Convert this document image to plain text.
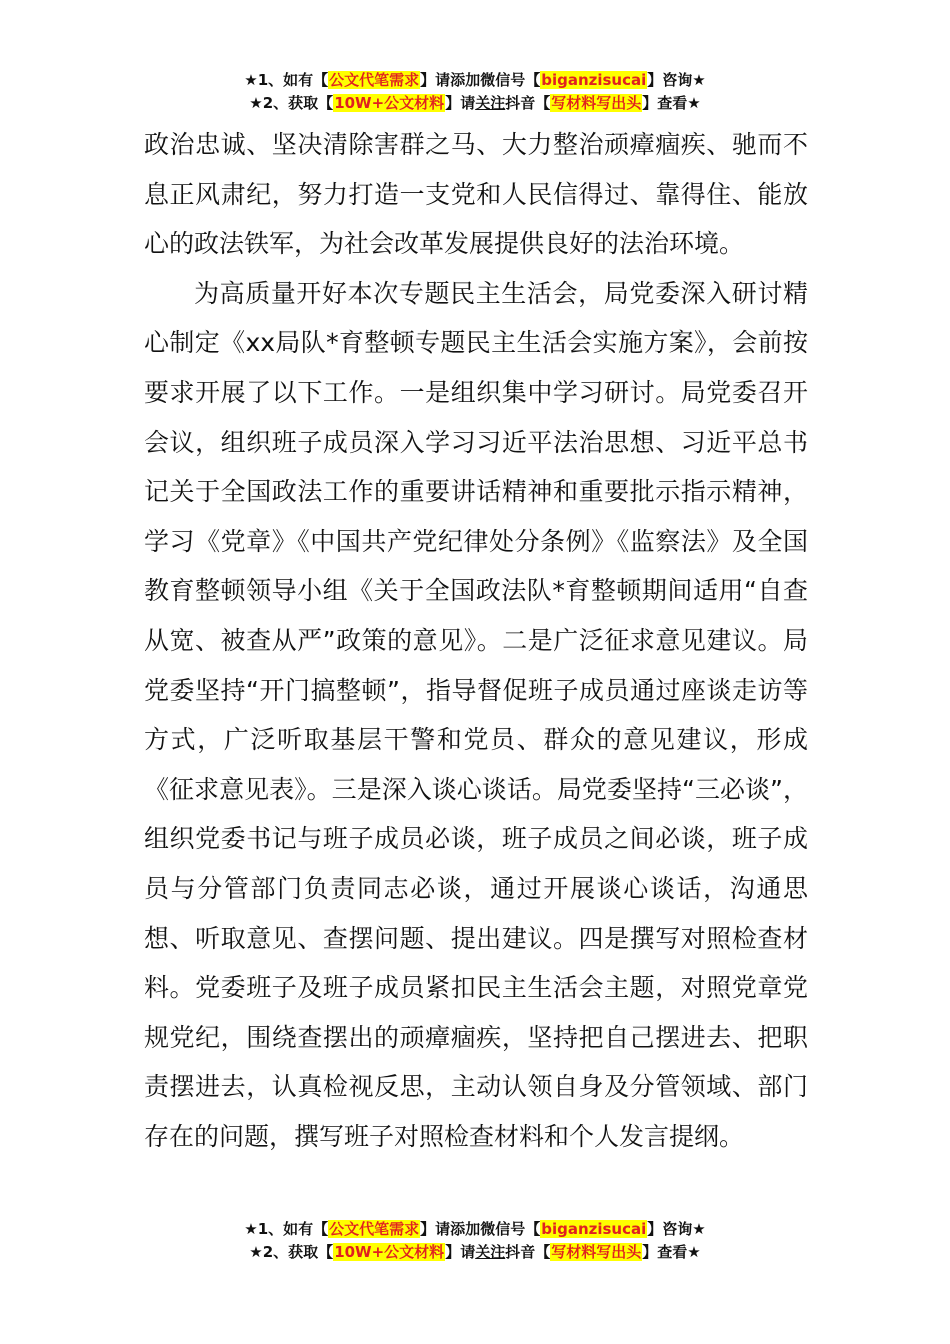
★1、如有【公文代笔需求】请添加微信号【biganzisucai】咨询★
★2、获取【10W+公文材料】请关注抖音【写材料写出头】查看★

政治忠诚、坚决清除害群之马、大力整治顽瘴痼疾、驰而不息正风肃纪，努力打造一支党和人民信得过、靠得住、能放心的政法铁军，为社会改革发展提供良好的法治环境。

为高质量开好本次专题民主生活会，局党委深入研讨精心制定《xx局队*育整顿专题民主生活会实施方案》，会前按要求开展了以下工作。一是组织集中学习研讨。局党委召开会议，组织班子成员深入学习习近平法治思想、习近平总书记关于全国政法工作的重要讲话精神和重要批示指示精神，学习《党章》《中国共产党纪律处分条例》《监察法》及全国教育整顿领导小组《关于全国政法队*育整顿期间适用“自查从宽、被查从严”政策的意见》。二是广泛征求意见建议。局党委坚持“开门搞整顿”，指导督促班子成员通过座谈走访等方式，广泛听取基层干警和党员、群众的意见建议，形成《征求意见表》。三是深入谈心谈话。局党委坚持“三必谈”，组织党委书记与班子成员必谈，班子成员之间必谈，班子成员与分管部门负责同志必谈，通过开展谈心谈话，沟通思想、听取意见、查摆问题、提出建议。四是撰写对照检查材料。党委班子及班子成员紧扣民主生活会主题，对照党章党规党纪，围绕查摆出的顽瘴痼疾，坚持把自己摆进去、把职责摆进去，认真检视反思，主动认领自身及分管领域、部门存在的问题，撰写班子对照检查材料和个人发言提纲。

★1、如有【公文代笔需求】请添加微信号【biganzisucai】咨询★
★2、获取【10W+公文材料】请关注抖音【写材料写出头】查看★
